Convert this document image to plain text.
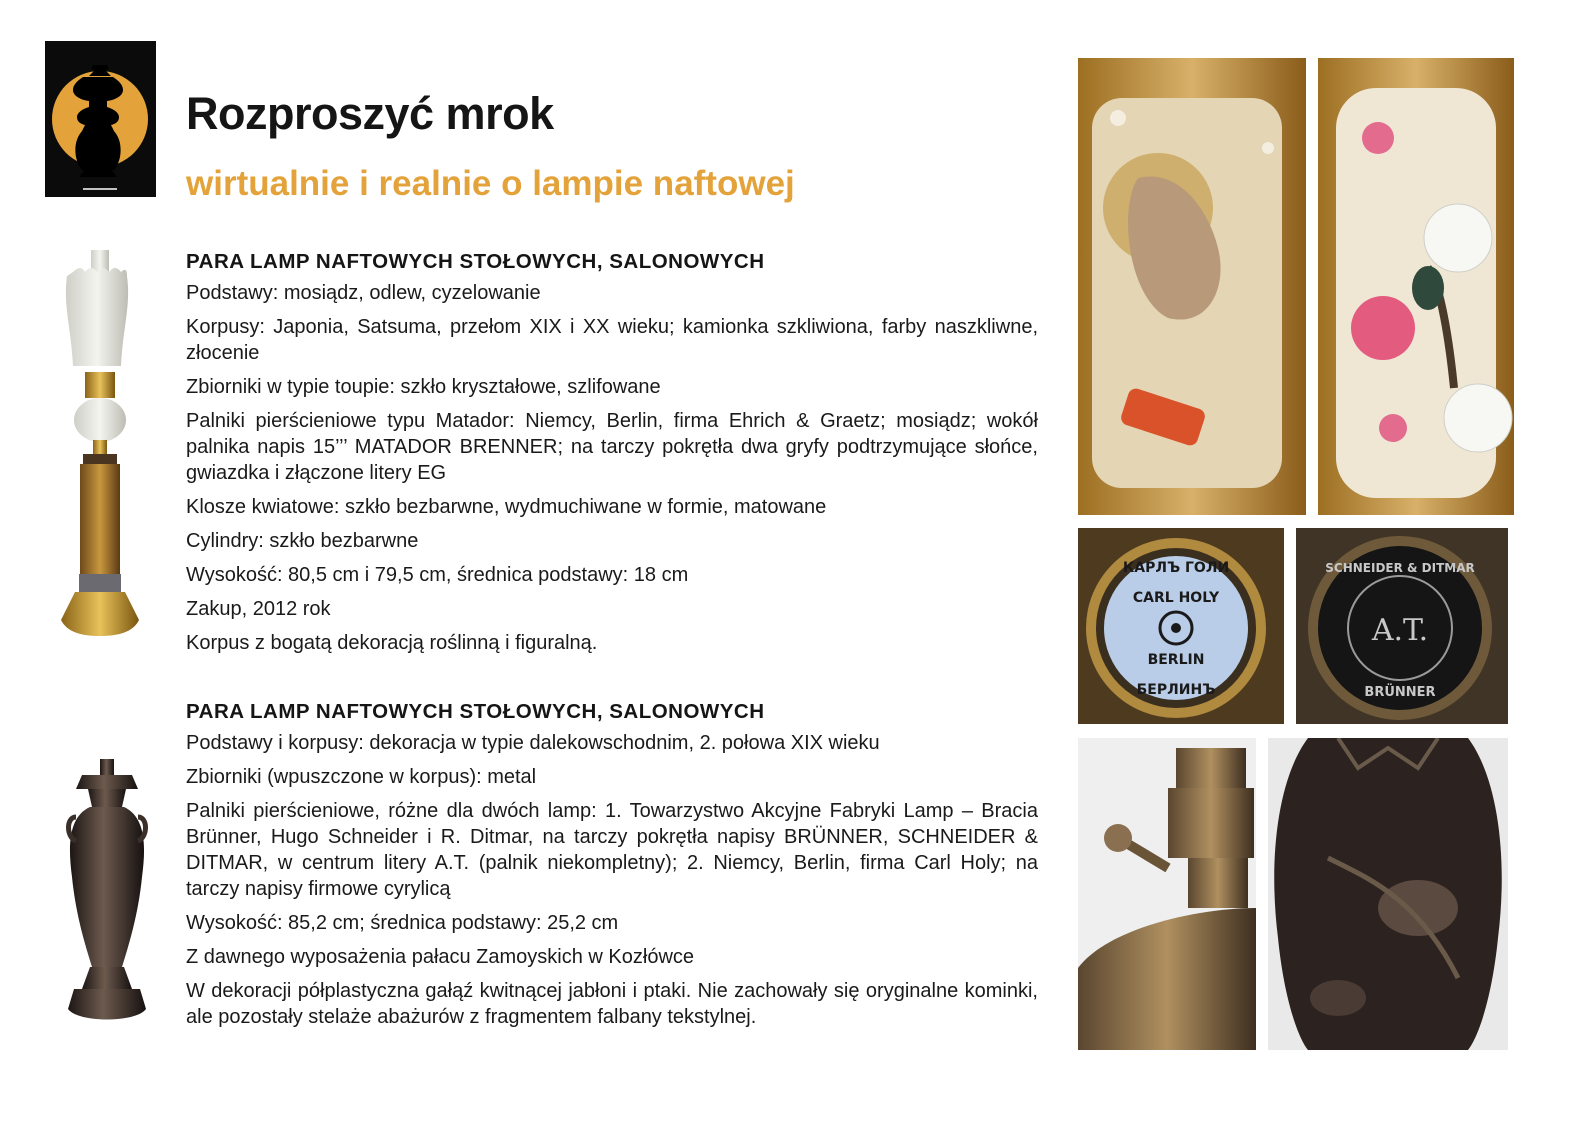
Rozproszyć mrok
wirtualnie i realnie o lampie naftowej

PARA LAMP NAFTOWYCH STOŁOWYCH, SALONOWYCH

Podstawy: mosiądz, odlew, cyzelowanie

Korpusy: Japonia, Satsuma, przełom XIX i XX wieku; kamionka szkliwiona, farby naszkliwne, złocenie

Zbiorniki w typie toupie: szkło kryształowe, szlifowane

Palniki pierścieniowe typu Matador: Niemcy, Berlin, firma Ehrich & Graetz; mosiądz; wokół palnika napis 15’’’ MATADOR BRENNER; na tarczy pokrętła dwa gryfy podtrzymujące słońce, gwiazdka i złączone litery EG

Klosze kwiatowe: szkło bezbarwne, wydmuchiwane w formie, matowane

Cylindry: szkło bezbarwne

Wysokość: 80,5 cm i 79,5 cm, średnica podstawy: 18 cm

Zakup, 2012 rok

Korpus z bogatą dekoracją roślinną i figuralną.

PARA LAMP NAFTOWYCH STOŁOWYCH, SALONOWYCH

Podstawy i korpusy: dekoracja w typie dalekowschodnim, 2. połowa XIX wieku

Zbiorniki (wpuszczone w korpus): metal

Palniki pierścieniowe, różne dla dwóch lamp: 1. Towarzystwo Akcyjne Fabryki Lamp – Bracia Brünner, Hugo Schneider i R. Ditmar, na tarczy pokrętła napisy BRÜNNER, SCHNEIDER & DITMAR, w centrum litery A.T. (palnik niekompletny); 2. Niemcy, Berlin, firma Carl Holy; na tarczy napisy firmowe cyrylicą

Wysokość: 85,2 cm; średnica podstawy: 25,2 cm

Z dawnego wyposażenia pałacu Zamoyskich w Kozłówce

W dekoracji półplastyczna gałąź kwitnącej jabłoni i ptaki. Nie zachowały się oryginalne kominki, ale pozostały stelaże abażurów z fragmentem falbany tekstylnej.

КАРЛЪ ГОЛИ
CARL HOLY
BERLIN
БЕРЛИНЪ
SCHNEIDER & DITMAR
A.T.
BRÜNNER
